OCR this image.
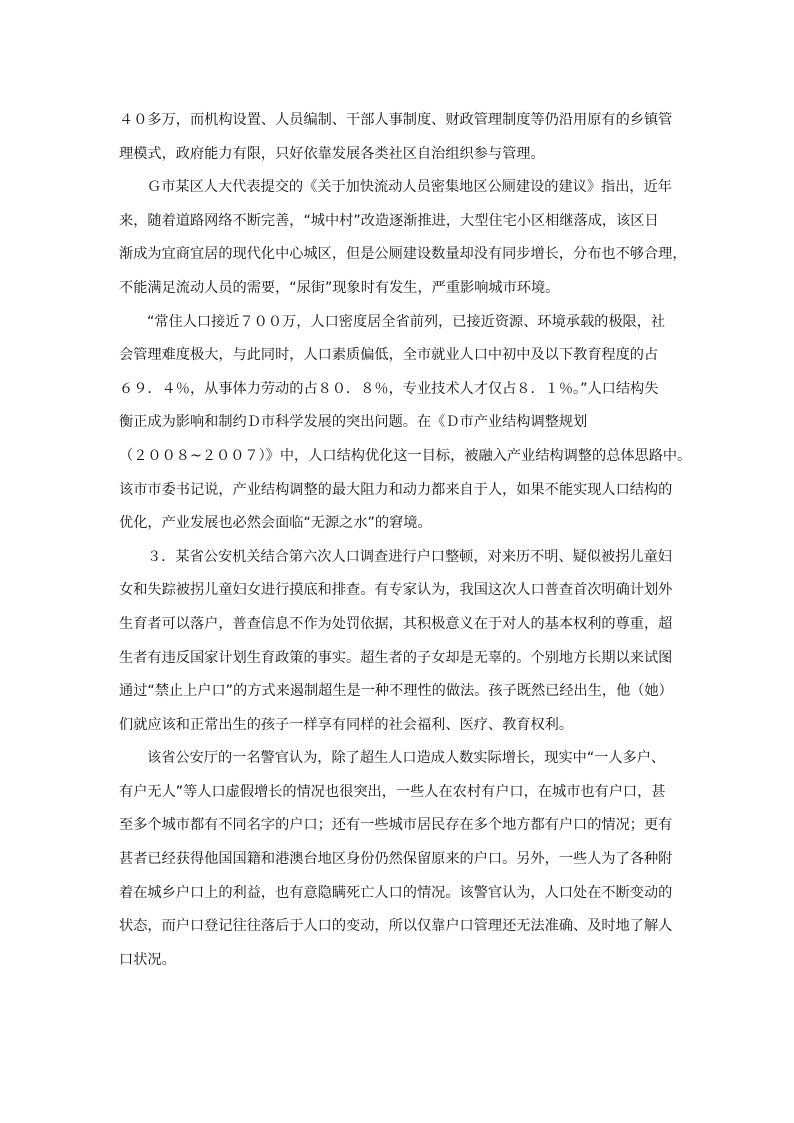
４０多万，而机构设置、人员编制、干部人事制度、财政管理制度等仍沿用原有的乡镇管
理模式，政府能力有限，只好依靠发展各类社区自治组织参与管理。
Ｇ市某区人大代表提交的《关于加快流动人员密集地区公厕建设的建议》指出，近年
来，随着道路网络不断完善，“城中村”改造逐渐推进，大型住宅小区相继落成，该区日
渐成为宜商宜居的现代化中心城区，但是公厕建设数量却没有同步增长，分布也不够合理，
不能满足流动人员的需要，“尿街”现象时有发生，严重影响城市环境。
“常住人口接近７００万，人口密度居全省前列，已接近资源、环境承载的极限，社
会管理难度极大，与此同时，人口素质偏低，全市就业人口中初中及以下教育程度的占
６９．４％，从事体力劳动的占８０．８％，专业技术人才仅占８．１％。”人口结构失
衡正成为影响和制约Ｄ市科学发展的突出问题。在《Ｄ市产业结构调整规划
（２００８~２００７）》中，人口结构优化这一目标，被融入产业结构调整的总体思路中。
该市市委书记说，产业结构调整的最大阻力和动力都来自于人，如果不能实现人口结构的
优化，产业发展也必然会面临“无源之水”的窘境。
３．某省公安机关结合第六次人口调查进行户口整顿，对来历不明、疑似被拐儿童妇
女和失踪被拐儿童妇女进行摸底和排查。有专家认为，我国这次人口普查首次明确计划外
生育者可以落户，普查信息不作为处罚依据，其积极意义在于对人的基本权利的尊重，超
生者有违反国家计划生育政策的事实。超生者的子女却是无辜的。个别地方长期以来试图
通过“禁止上户口”的方式来遏制超生是一种不理性的做法。孩子既然已经出生，他（她）
们就应该和正常出生的孩子一样享有同样的社会福利、医疗、教育权利。
该省公安厅的一名警官认为，除了超生人口造成人数实际增长，现实中“一人多户、
有户无人”等人口虚假增长的情况也很突出，一些人在农村有户口，在城市也有户口，甚
至多个城市都有不同名字的户口；还有一些城市居民存在多个地方都有户口的情况；更有
甚者已经获得他国国籍和港澳台地区身份仍然保留原来的户口。另外，一些人为了各种附
着在城乡户口上的利益，也有意隐瞒死亡人口的情况。该警官认为，人口处在不断变动的
状态，而户口登记往往落后于人口的变动，所以仅靠户口管理还无法准确、及时地了解人
口状况。
